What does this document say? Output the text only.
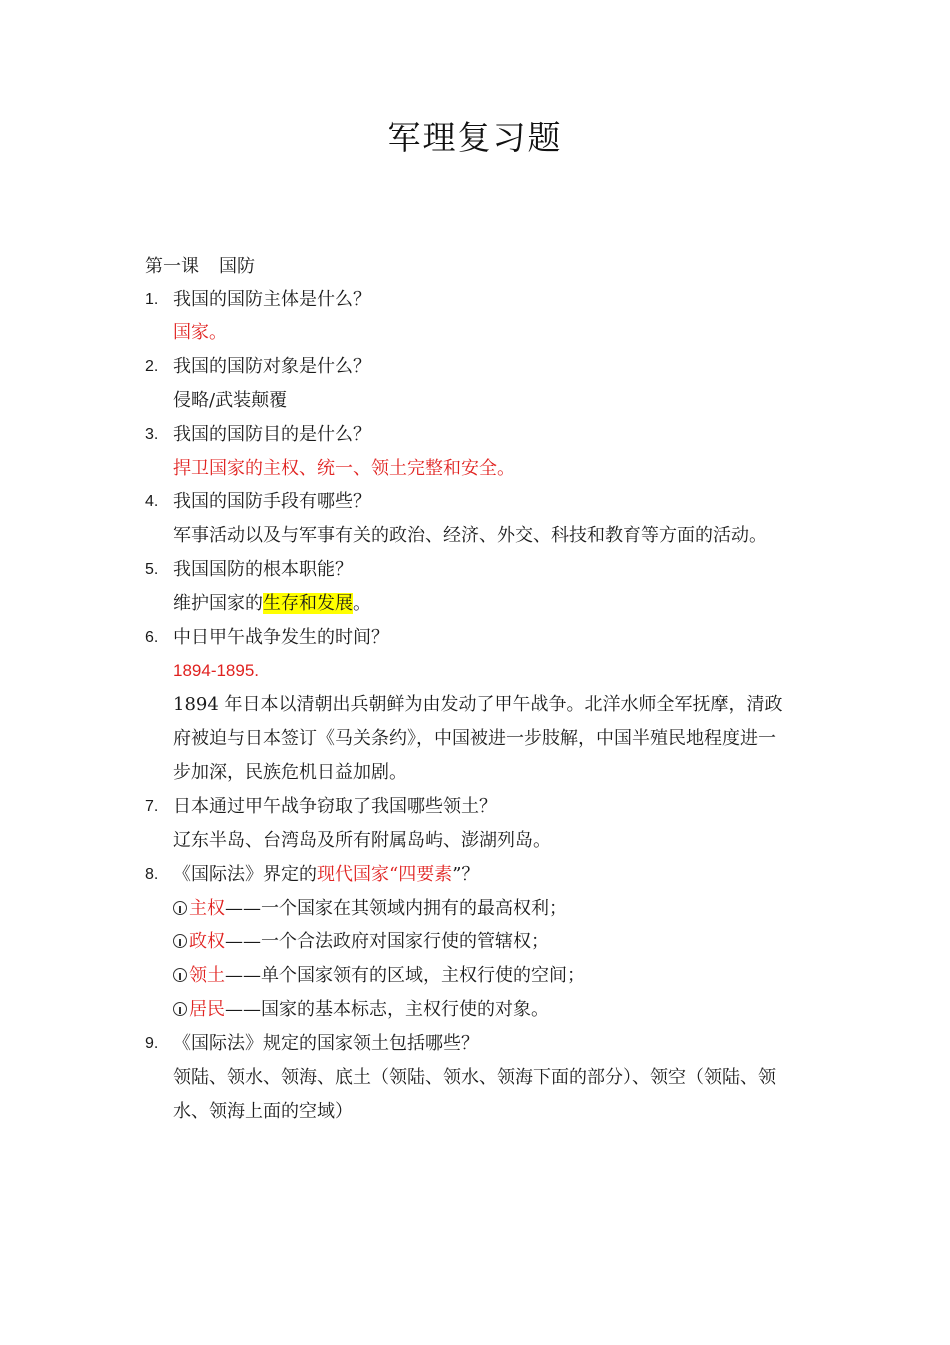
军理复习题
第一课 国防
1. 我国的国防主体是什么？
国家。
2. 我国的国防对象是什么？
侵略/武装颠覆
3. 我国的国防目的是什么？
捍卫国家的主权、统一、领土完整和安全。
4. 我国的国防手段有哪些？
军事活动以及与军事有关的政治、经济、外交、科技和教育等方面的活动。
5. 我国国防的根本职能？
维护国家的生存和发展。
6. 中日甲午战争发生的时间？
1894-1895.
1894 年日本以清朝出兵朝鲜为由发动了甲午战争。北洋水师全军抚摩，清政
府被迫与日本签订《马关条约》，中国被进一步肢解，中国半殖民地程度进一
步加深，民族危机日益加剧。
7. 日本通过甲午战争窃取了我国哪些领土？
辽东半岛、台湾岛及所有附属岛屿、澎湖列岛。
8. 《国际法》界定的现代国家“四要素”？
主权——一个国家在其领域内拥有的最高权利；
政权——一个合法政府对国家行使的管辖权；
领土——单个国家领有的区域，主权行使的空间；
居民——国家的基本标志，主权行使的对象。
9. 《国际法》规定的国家领土包括哪些？
领陆、领水、领海、底土（领陆、领水、领海下面的部分）、领空（领陆、领
水、领海上面的空域）
